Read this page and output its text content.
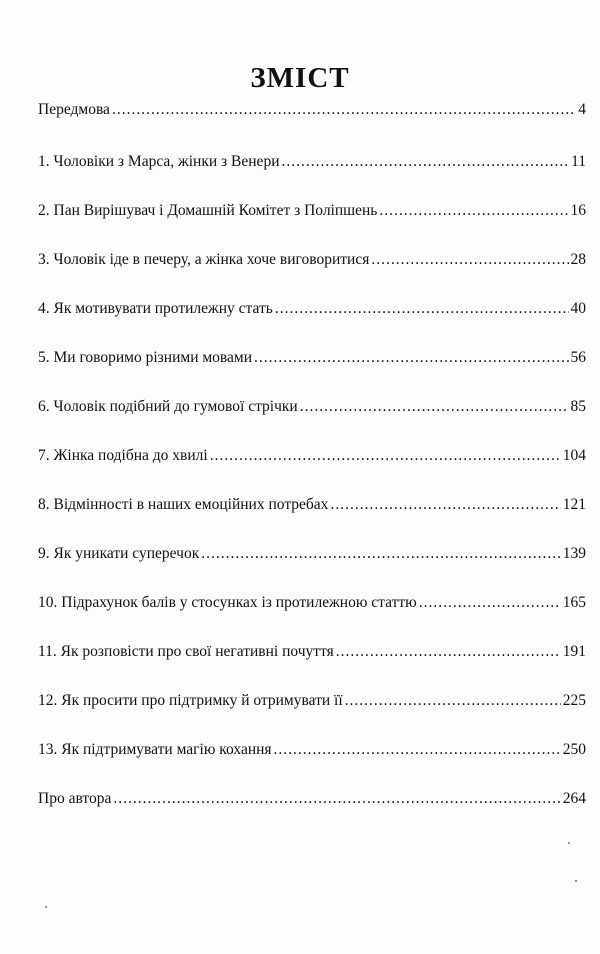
ЗМІСТ
Передмова .....	4
1. Чоловіки з Марса, жінки з Венери .....	11
2. Пан Вирішувач і Домашній Комітет з Поліпшень .....	16
3. Чоловік іде в печеру, а жінка хоче виговоритися .....	28
4. Як мотивувати протилежну стать .....	40
5. Ми говоримо різними мовами .....	56
6. Чоловік подібний до гумової стрічки .....	85
7. Жінка подібна до хвилі .....	104
8. Відмінності в наших емоційних потребах .....	121
9. Як уникати суперечок .....	139
10. Підрахунок балів у стосунках із протилежною статтю .....	165
11. Як розповісти про свої негативні почуття .....	191
12. Як просити про підтримку й отримувати її .....	225
13. Як підтримувати магію кохання .....	250
Про автора .....	264
